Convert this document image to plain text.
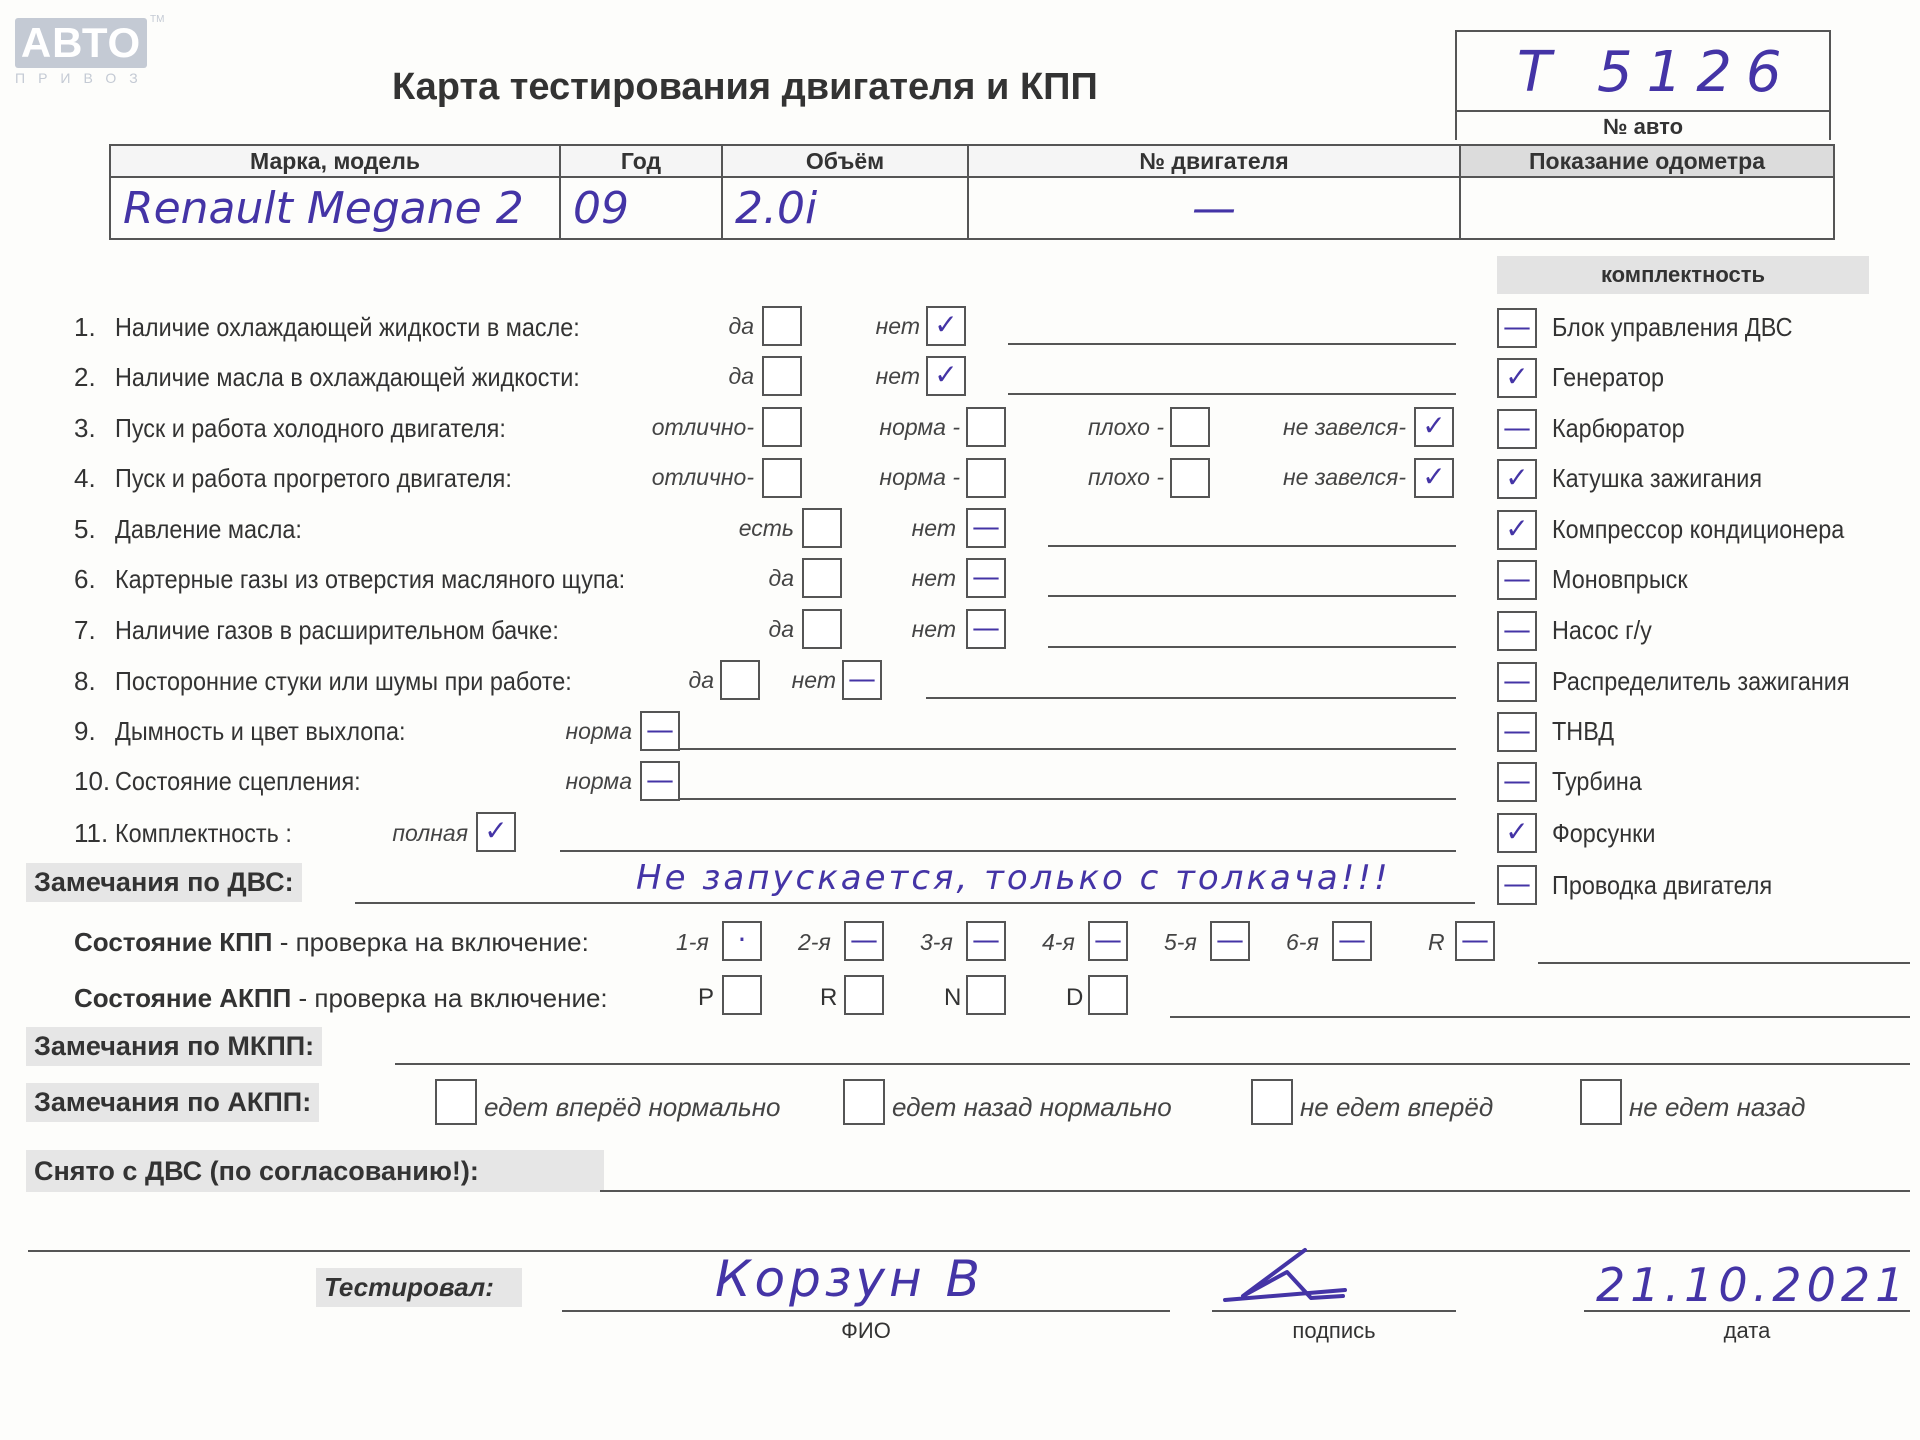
АВТО TM
ПРИВОЗ	Карта тестирования двигателя и КПП	T 5126
№ авто
Марка, модель	Год	Объём	№ двигателя	Показание одометра
Renault Megane 2	09	2.0i	—	
комплектность
1. Наличие охлаждающей жидкости в масле:	да	нет ✓
2. Наличие масла в охлаждающей жидкости:	да	нет ✓
3. Пуск и работа холодного двигателя:	отлично-	норма -	плохо -	не завелся- ✓
4. Пуск и работа прогретого двигателя:	отлично-	норма -	плохо -	не завелся- ✓
5. Давление масла:	есть	нет —
6. Картерные газы из отверстия масляного щупа:	да	нет —
7. Наличие газов в расширительном бачке:	да	нет —
8. Посторонние стуки или шумы при работе:	да	нет —
9. Дымность и цвет выхлопа:	норма —
10. Состояние сцепления:	норма —
11. Комплектность :	полная ✓
— Блок управления ДВС
✓ Генератор
— Карбюратор
✓ Катушка зажигания
✓ Компрессор кондиционера
— Моновпрыск
— Насос г/у
— Распределитель зажигания
— ТНВД
— Турбина
✓ Форсунки
— Проводка двигателя
Замечания по ДВС:	Не запускается, только с толкача!!!
Состояние КПП - проверка на включение:	1-я	·	2-я — 3-я — 4-я — 5-я — 6-я —	R —
Состояние АКПП - проверка на включение:	P	R	N	D
Замечания по МКПП:
Замечания по АКПП:	едет вперёд нормально	едет назад нормально	не едет вперёд	не едет назад
Снято с ДВС (по согласованию!):
Тестировал:	Корзун В
ФИО	подпись
21.10.2021
дата
